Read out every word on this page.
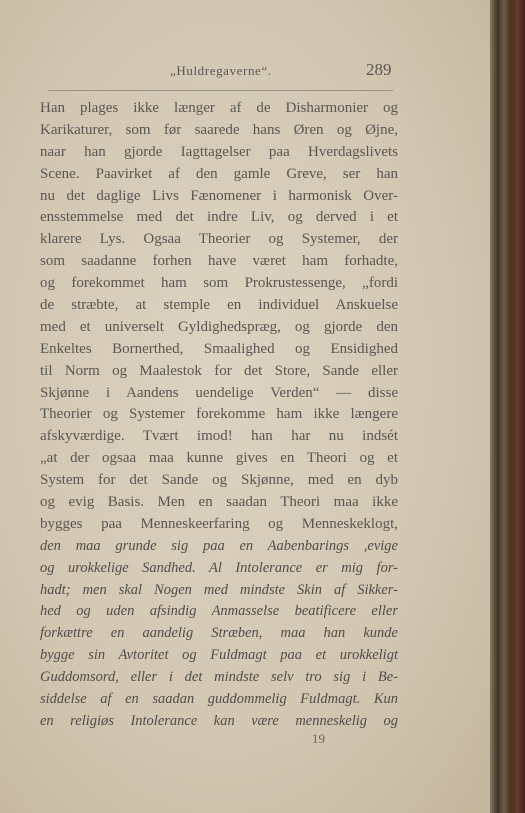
„Huldregaverne“.	289
Han plages ikke længer af de Disharmonier og
Karikaturer, som før saarede hans Øren og Øjne,
naar han gjorde Iagttagelser paa Hverdagslivets
Scene. Paavirket af den gamle Greve, ser han
nu det daglige Livs Fænomener i harmonisk Over-
ensstemmelse med det indre Liv, og derved i et
klarere Lys. Ogsaa Theorier og Systemer, der
som saadanne forhen have været ham forhadte,
og forekommet ham som Prokrustessenge, „fordi
de stræbte, at stemple en individuel Anskuelse
med et universelt Gyldighedspræg, og gjorde den
Enkeltes Bornerthed, Smaalighed og Ensidighed
til Norm og Maalestok for det Store, Sande eller
Skjønne i Aandens uendelige Verden“ — disse
Theorier og Systemer forekomme ham ikke længere
afskyværdige. Tvært imod! han har nu indsét
„at der ogsaa maa kunne gives en Theori og et
System for det Sande og Skjønne, med en dyb
og evig Basis. Men en saadan Theori maa ikke
bygges paa Menneskeerfaring og Menneskeklogt,
den maa grunde sig paa en Aabenbarings ,evige
og urokkelige Sandhed. Al Intolerance er mig for-
hadt; men skal Nogen med mindste Skin af Sikker-
hed og uden afsindig Anmasselse beatificere eller
forkættre en aandelig Stræben, maa han kunde
bygge sin Avtoritet og Fuldmagt paa et urokkeligt
Guddomsord, eller i det mindste selv tro sig i Be-
siddelse af en saadan guddommelig Fuldmagt. Kun
en religiøs Intolerance kan være menneskelig og
19
